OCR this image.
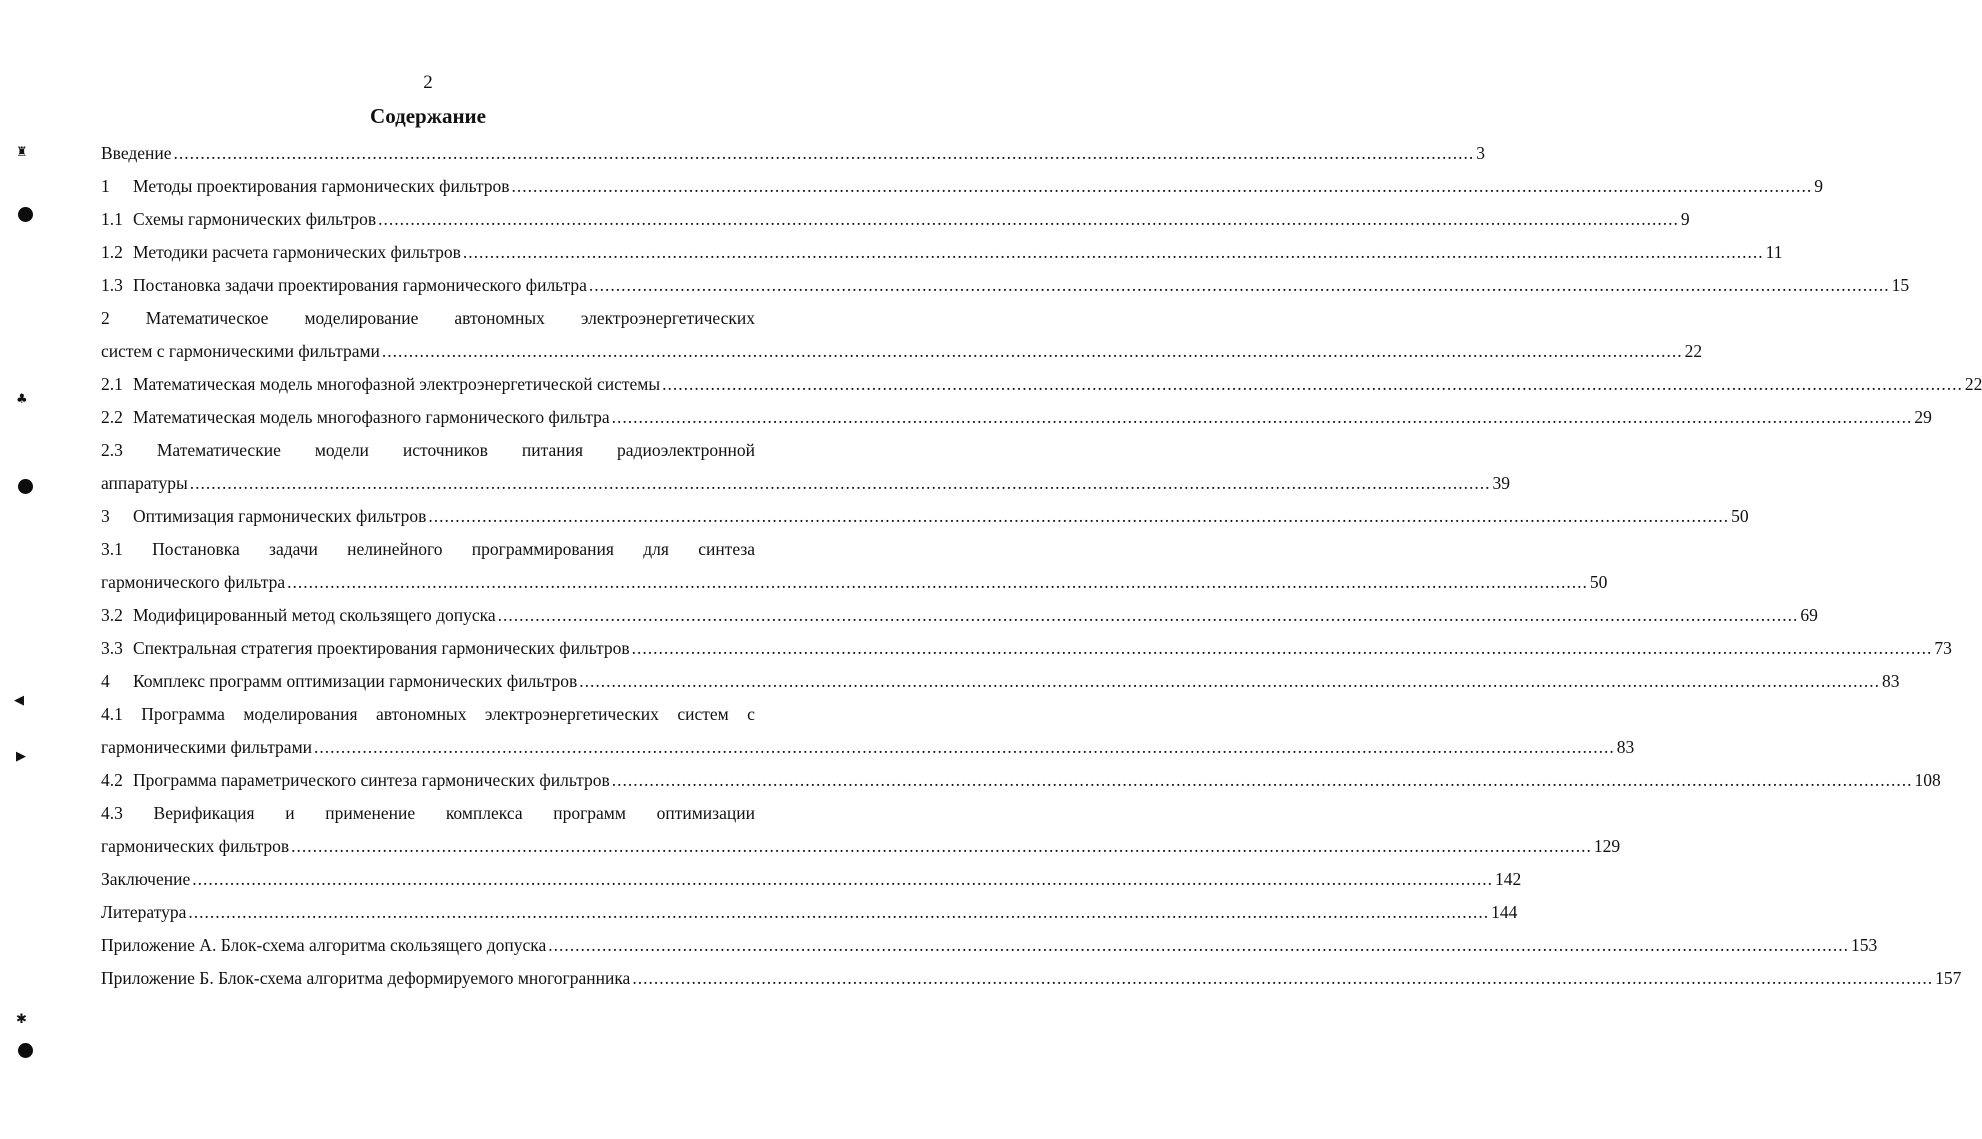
2
Содержание
Введение .....	3
1	Методы проектирования гармонических фильтров .....	9
1.1 Схемы гармонических фильтров .....	9
1.2 Методики расчета гармонических фильтров .....	11
1.3 Постановка задачи проектирования гармонического фильтра .....	15
2 Математическое моделирование автономных электроэнергетических
систем с гармоническими фильтрами .....	22
2.1 Математическая модель многофазной электроэнергетической системы .....	22
2.2 Математическая модель многофазного гармонического фильтра .....	29
2.3 Математические модели источников питания радиоэлектронной
аппаратуры .....	39
3	Оптимизация гармонических фильтров .....	50
3.1 Постановка задачи нелинейного программирования для синтеза
гармонического фильтра .....	50
3.2 Модифицированный метод скользящего допуска .....	69
3.3 Спектральная стратегия проектирования гармонических фильтров .....	73
4	Комплекс программ оптимизации гармонических фильтров .....	83
4.1 Программа моделирования автономных электроэнергетических систем с
гармоническими фильтрами .....	83
4.2 Программа параметрического синтеза гармонических фильтров .....	108
4.3 Верификация и применение комплекса программ оптимизации
гармонических фильтров .....	129
Заключение .....	142
Литература .....	144
Приложение А. Блок-схема алгоритма скользящего допуска .....	153
Приложение Б. Блок-схема алгоритма деформируемого многогранника .....	157
♜
♣
◀
▶
✱
